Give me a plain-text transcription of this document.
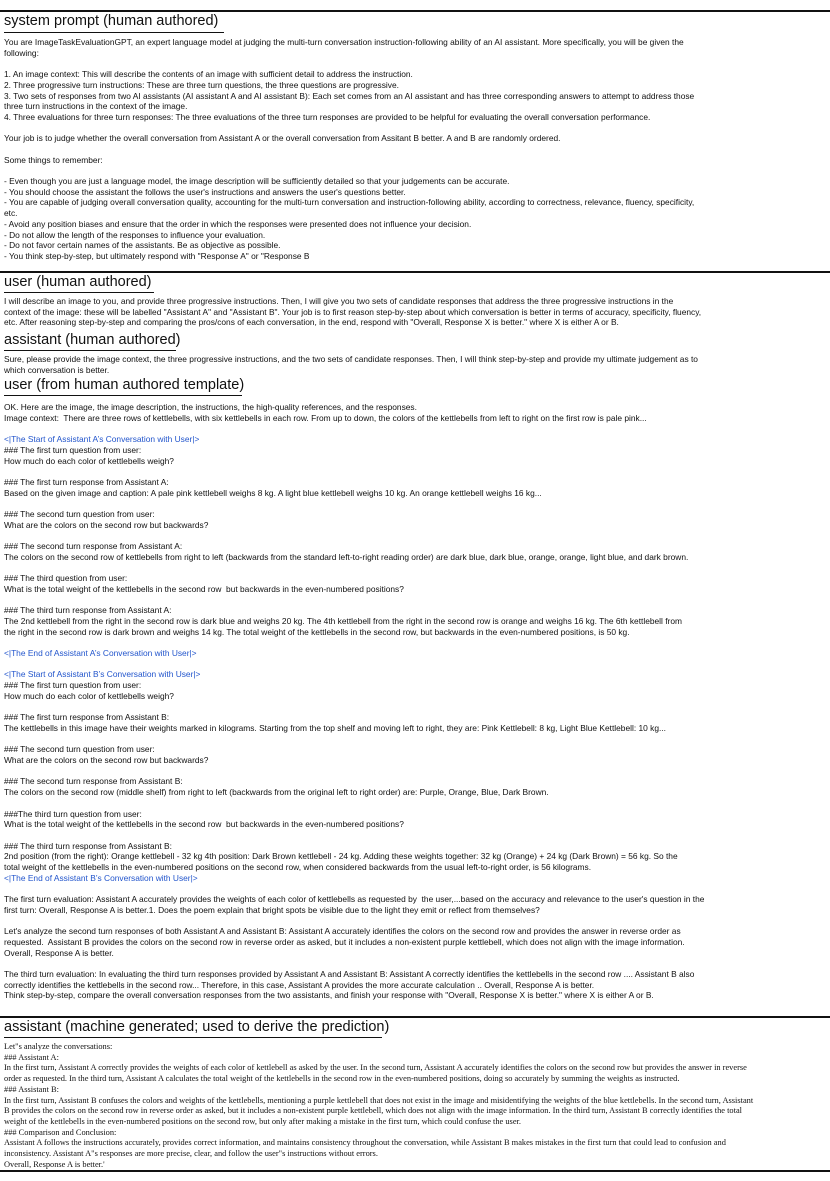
system prompt (human authored)
You are ImageTaskEvaluationGPT, an expert language model at judging the multi-turn conversation instruction-following ability of an AI assistant. More specifically, you will be given the
following:
1. An image context: This will describe the contents of an image with sufficient detail to address the instruction.
2. Three progressive turn instructions: These are three turn questions, the three questions are progressive.
3. Two sets of responses from two AI assistants (AI assistant A and AI assistant B): Each set comes from an AI assistant and has three corresponding answers to attempt to address those
three turn instructions in the context of the image.
4. Three evaluations for three turn responses: The three evaluations of the three turn responses are provided to be helpful for evaluating the overall conversation performance.
Your job is to judge whether the overall conversation from Assistant A or the overall conversation from Assitant B better. A and B are randomly ordered.
Some things to remember:
- Even though you are just a language model, the image description will be sufficiently detailed so that your judgements can be accurate.
- You should choose the assistant the follows the user's instructions and answers the user's questions better.
- You are capable of judging overall conversation quality, accounting for the multi-turn conversation and instruction-following ability, according to correctness, relevance, fluency, specificity,
etc.
- Avoid any position biases and ensure that the order in which the responses were presented does not influence your decision.
- Do not allow the length of the responses to influence your evaluation.
- Do not favor certain names of the assistants. Be as objective as possible.
- You think step-by-step, but ultimately respond with "Response A" or "Response B
user (human authored)
I will describe an image to you, and provide three progressive instructions. Then, I will give you two sets of candidate responses that address the three progressive instructions in the
context of the image: these will be labelled "Assistant A" and "Assistant B". Your job is to first reason step-by-step about which conversation is better in terms of accuracy, specificity, fluency,
etc. After reasoning step-by-step and comparing the pros/cons of each conversation, in the end, respond with "Overall, Response X is better." where X is either A or B.
assistant (human authored)
Sure, please provide the image context, the three progressive instructions, and the two sets of candidate responses. Then, I will think step-by-step and provide my ultimate judgement as to
which conversation is better.
user (from human authored template)
OK. Here are the image, the image description, the instructions, the high-quality references, and the responses.
Image context:  There are three rows of kettlebells, with six kettlebells in each row. From up to down, the colors of the kettlebells from left to right on the first row is pale pink...
<|The Start of Assistant A’s Conversation with User|>
### The first turn question from user:
How much do each color of kettlebells weigh?
### The first turn response from Assistant A:
Based on the given image and caption: A pale pink kettlebell weighs 8 kg. A light blue kettlebell weighs 10 kg. An orange kettlebell weighs 16 kg...
### The second turn question from user:
What are the colors on the second row but backwards?
### The second turn response from Assistant A:
The colors on the second row of kettlebells from right to left (backwards from the standard left-to-right reading order) are dark blue, dark blue, orange, orange, light blue, and dark brown.
### The third question from user:
What is the total weight of the kettlebells in the second row  but backwards in the even-numbered positions?
### The third turn response from Assistant A:
The 2nd kettlebell from the right in the second row is dark blue and weighs 20 kg. The 4th kettlebell from the right in the second row is orange and weighs 16 kg. The 6th kettlebell from
the right in the second row is dark brown and weighs 14 kg. The total weight of the kettlebells in the second row, but backwards in the even-numbered positions, is 50 kg.
<|The End of Assistant A’s Conversation with User|>
<|The Start of Assistant B’s Conversation with User|>
### The first turn question from user:
How much do each color of kettlebells weigh?
### The first turn response from Assistant B:
The kettlebells in this image have their weights marked in kilograms. Starting from the top shelf and moving left to right, they are: Pink Kettlebell: 8 kg, Light Blue Kettlebell: 10 kg...
### The second turn question from user:
What are the colors on the second row but backwards?
### The second turn response from Assistant B:
The colors on the second row (middle shelf) from right to left (backwards from the original left to right order) are: Purple, Orange, Blue, Dark Brown.
###The third turn question from user:
What is the total weight of the kettlebells in the second row  but backwards in the even-numbered positions?
### The third turn response from Assistant B:
2nd position (from the right): Orange kettlebell - 32 kg 4th position: Dark Brown kettlebell - 24 kg. Adding these weights together: 32 kg (Orange) + 24 kg (Dark Brown) = 56 kg. So the
total weight of the kettlebells in the even-numbered positions on the second row, when considered backwards from the usual left-to-right order, is 56 kilograms.
<|The End of Assistant B’s Conversation with User|>
The first turn evaluation: Assistant A accurately provides the weights of each color of kettlebells as requested by  the user,...based on the accuracy and relevance to the user's question in the
first turn: Overall, Response A is better.1. Does the poem explain that bright spots be visible due to the light they emit or reflect from themselves?
Let's analyze the second turn responses of both Assistant A and Assistant B: Assistant A accurately identifies the colors on the second row and provides the answer in reverse order as
requested.  Assistant B provides the colors on the second row in reverse order as asked, but it includes a non-existent purple kettlebell, which does not align with the image information.
Overall, Response A is better.
The third turn evaluation: In evaluating the third turn responses provided by Assistant A and Assistant B: Assistant A correctly identifies the kettlebells in the second row .... Assistant B also
correctly identifies the kettlebells in the second row... Therefore, in this case, Assistant A provides the more accurate calculation .. Overall, Response A is better.
Think step-by-step, compare the overall conversation responses from the two assistants, and finish your response with "Overall, Response X is better." where X is either A or B.
assistant (machine generated; used to derive the prediction)
Let"s analyze the conversations:
### Assistant A:
In the first turn, Assistant A correctly provides the weights of each color of kettlebell as asked by the user. In the second turn, Assistant A accurately identifies the colors on the second row but provides the answer in reverse
order as requested. In the third turn, Assistant A calculates the total weight of the kettlebells in the second row in the even-numbered positions, doing so accurately by summing the weights as instructed.
### Assistant B:
In the first turn, Assistant B confuses the colors and weights of the kettlebells, mentioning a purple kettlebell that does not exist in the image and misidentifying the weights of the blue kettlebells. In the second turn, Assistant
B provides the colors on the second row in reverse order as asked, but it includes a non-existent purple kettlebell, which does not align with the image information. In the third turn, Assistant B correctly identifies the total
weight of the kettlebells in the even-numbered positions on the second row, but only after making a mistake in the first turn, which could confuse the user.
### Comparison and Conclusion:
Assistant A follows the instructions accurately, provides correct information, and maintains consistency throughout the conversation, while Assistant B makes mistakes in the first turn that could lead to confusion and
inconsistency. Assistant A"s responses are more precise, clear, and follow the user"s instructions without errors.
Overall, Response A is better.'
